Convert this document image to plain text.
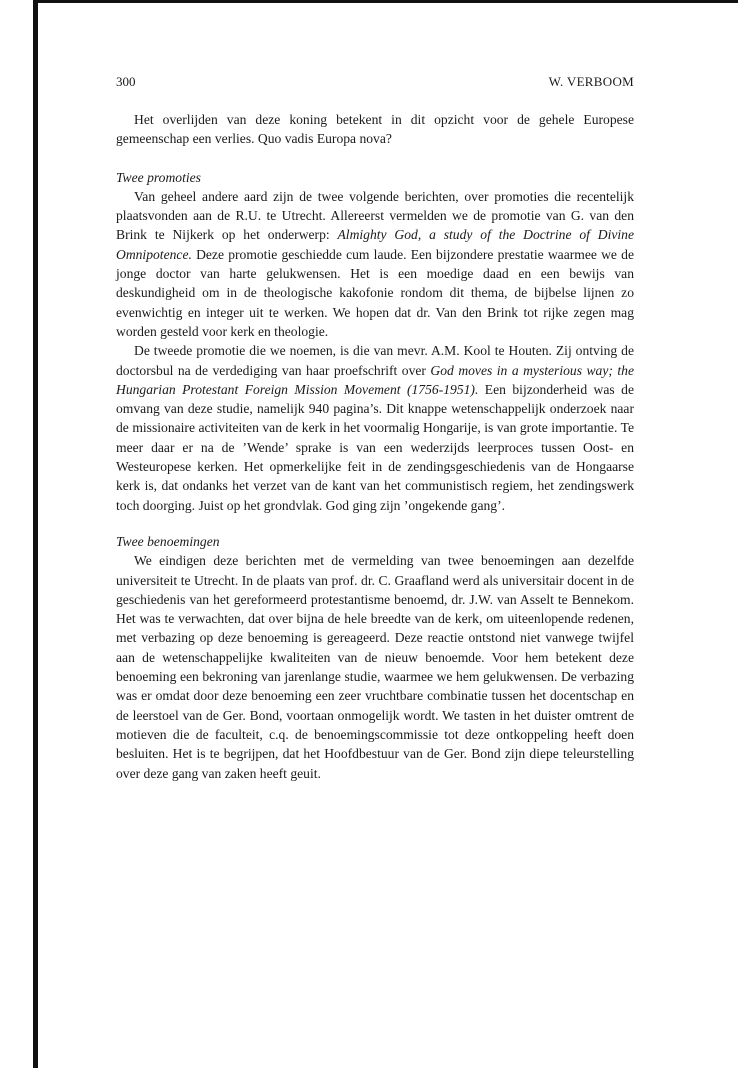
300	W. VERBOOM

Het overlijden van deze koning betekent in dit opzicht voor de gehele Europese gemeenschap een verlies. Quo vadis Europa nova?

Twee promoties

Van geheel andere aard zijn de twee volgende berichten, over promoties die recentelijk plaatsvonden aan de R.U. te Utrecht. Allereerst vermelden we de promotie van G. van den Brink te Nijkerk op het onderwerp: Almighty God, a study of the Doctrine of Divine Omnipotence. Deze promotie geschiedde cum laude. Een bijzondere prestatie waarmee we de jonge doctor van harte gelukwensen. Het is een moedige daad en een bewijs van deskundigheid om in de theologische kakofonie rondom dit thema, de bijbelse lijnen zo evenwichtig en integer uit te werken. We hopen dat dr. Van den Brink tot rijke zegen mag worden gesteld voor kerk en theologie.

De tweede promotie die we noemen, is die van mevr. A.M. Kool te Houten. Zij ontving de doctorsbul na de verdediging van haar proefschrift over God moves in a mysterious way; the Hungarian Protestant Foreign Mission Movement (1756-1951). Een bijzonderheid was de omvang van deze studie, namelijk 940 pagina’s. Dit knappe wetenschappelijk onderzoek naar de missionaire activiteiten van de kerk in het voormalig Hongarije, is van grote importantie. Te meer daar er na de ’Wende’ sprake is van een wederzijds leerproces tussen Oost- en Westeuropese kerken. Het opmerkelijke feit in de zendingsgeschiedenis van de Hongaarse kerk is, dat ondanks het verzet van de kant van het communistisch regiem, het zendingswerk toch doorging. Juist op het grondvlak. God ging zijn ’ongekende gang’.

Twee benoemingen

We eindigen deze berichten met de vermelding van twee benoemingen aan dezelfde universiteit te Utrecht. In de plaats van prof. dr. C. Graafland werd als universitair docent in de geschiedenis van het gereformeerd protestantisme benoemd, dr. J.W. van Asselt te Bennekom. Het was te verwachten, dat over bijna de hele breedte van de kerk, om uiteenlopende redenen, met verbazing op deze benoeming is gereageerd. Deze reactie ontstond niet vanwege twijfel aan de wetenschappelijke kwaliteiten van de nieuw benoemde. Voor hem betekent deze benoeming een bekroning van jarenlange studie, waarmee we hem gelukwensen. De verbazing was er omdat door deze benoeming een zeer vruchtbare combinatie tussen het docentschap en de leerstoel van de Ger. Bond, voortaan onmogelijk wordt. We tasten in het duister omtrent de motieven die de faculteit, c.q. de benoemingscommissie tot deze ontkoppeling heeft doen besluiten. Het is te begrijpen, dat het Hoofdbestuur van de Ger. Bond zijn diepe teleurstelling over deze gang van zaken heeft geuit.
